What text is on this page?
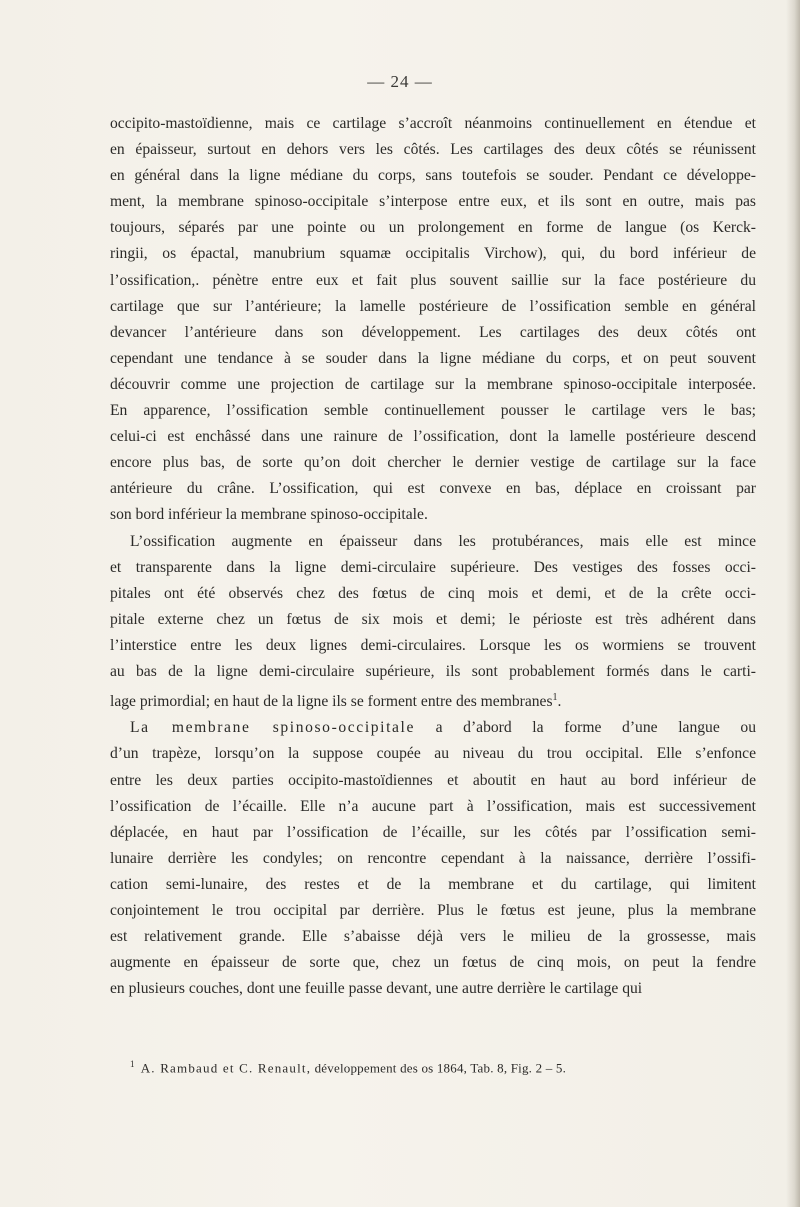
— 24 —

occipito-mastoïdienne, mais ce cartilage s’accroît néanmoins continuellement en étendue et

en épaisseur, surtout en dehors vers les côtés. Les cartilages des deux côtés se réunissent

en général dans la ligne médiane du corps, sans toutefois se souder. Pendant ce développe-

ment, la membrane spinoso-occipitale s’interpose entre eux, et ils sont en outre, mais pas

toujours, séparés par une pointe ou un prolongement en forme de langue (os Kerck-

ringii, os épactal, manubrium squamæ occipitalis Virchow), qui, du bord inférieur de

l’ossification,. pénètre entre eux et fait plus souvent saillie sur la face postérieure du

cartilage que sur l’antérieure; la lamelle postérieure de l’ossification semble en général

devancer l’antérieure dans son développement. Les cartilages des deux côtés ont

cependant une tendance à se souder dans la ligne médiane du corps, et on peut souvent

découvrir comme une projection de cartilage sur la membrane spinoso-occipitale interposée.

En apparence, l’ossification semble continuellement pousser le cartilage vers le bas;

celui-ci est enchâssé dans une rainure de l’ossification, dont la lamelle postérieure descend

encore plus bas, de sorte qu’on doit chercher le dernier vestige de cartilage sur la face

antérieure du crâne. L’ossification, qui est convexe en bas, déplace en croissant par

son bord inférieur la membrane spinoso-occipitale.

L’ossification augmente en épaisseur dans les protubérances, mais elle est mince

et transparente dans la ligne demi-circulaire supérieure. Des vestiges des fosses occi-

pitales ont été observés chez des fœtus de cinq mois et demi, et de la crête occi-

pitale externe chez un fœtus de six mois et demi; le périoste est très adhérent dans

l’interstice entre les deux lignes demi-circulaires. Lorsque les os wormiens se trouvent

au bas de la ligne demi-circulaire supérieure, ils sont probablement formés dans le carti-

lage primordial; en haut de la ligne ils se forment entre des membranes$^1$.

La membrane spinoso-occipitale a d’abord la forme d’une langue ou

d’un trapèze, lorsqu’on la suppose coupée au niveau du trou occipital. Elle s’enfonce

entre les deux parties occipito-mastoïdiennes et aboutit en haut au bord inférieur de

l’ossification de l’écaille. Elle n’a aucune part à l’ossification, mais est successivement

déplacée, en haut par l’ossification de l’écaille, sur les côtés par l’ossification semi-

lunaire derrière les condyles; on rencontre cependant à la naissance, derrière l’ossifi-

cation semi-lunaire, des restes et de la membrane et du cartilage, qui limitent

conjointement le trou occipital par derrière. Plus le fœtus est jeune, plus la membrane

est relativement grande. Elle s’abaisse déjà vers le milieu de la grossesse, mais

augmente en épaisseur de sorte que, chez un fœtus de cinq mois, on peut la fendre

en plusieurs couches, dont une feuille passe devant, une autre derrière le cartilage qui

$^1$ A. Rambaud et C. Renault, développement des os 1864, Tab. 8, Fig. 2 – 5.
